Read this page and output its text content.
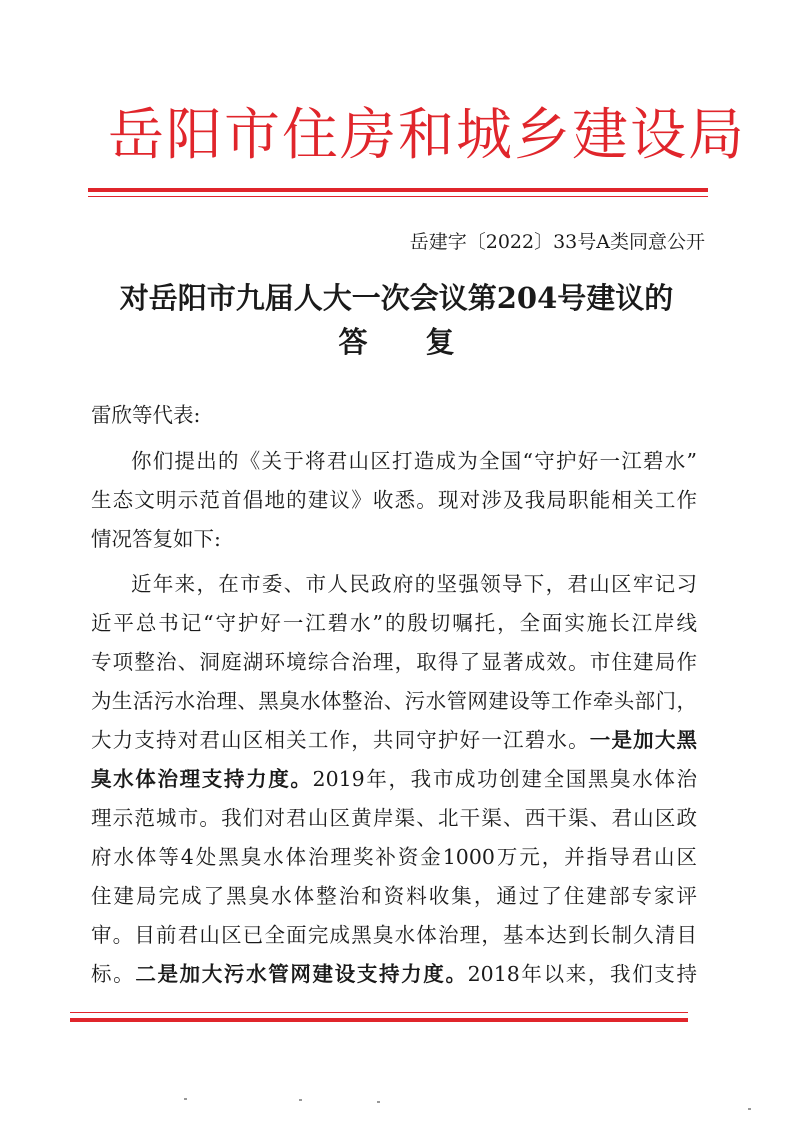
岳阳市住房和城乡建设局
岳建字〔2022〕33号A类同意公开
对岳阳市九届人大一次会议第204号建议的
答　　复
雷欣等代表:

你们提出的《关于将君山区打造成为全国“守护好一江碧水”

生态文明示范首倡地的建议》收悉。现对涉及我局职能相关工作

情况答复如下:

近年来，在市委、市人民政府的坚强领导下，君山区牢记习

近平总书记“守护好一江碧水”的殷切嘱托，全面实施长江岸线

专项整治、洞庭湖环境综合治理，取得了显著成效。市住建局作

为生活污水治理、黑臭水体整治、污水管网建设等工作牵头部门，

大力支持对君山区相关工作，共同守护好一江碧水。一是加大黑

臭水体治理支持力度。2019年，我市成功创建全国黑臭水体治

理示范城市。我们对君山区黄岸渠、北干渠、西干渠、君山区政

府水体等4处黑臭水体治理奖补资金1000万元，并指导君山区

住建局完成了黑臭水体整治和资料收集，通过了住建部专家评

审。目前君山区已全面完成黑臭水体治理，基本达到长制久清目

标。二是加大污水管网建设支持力度。2018年以来，我们支持
